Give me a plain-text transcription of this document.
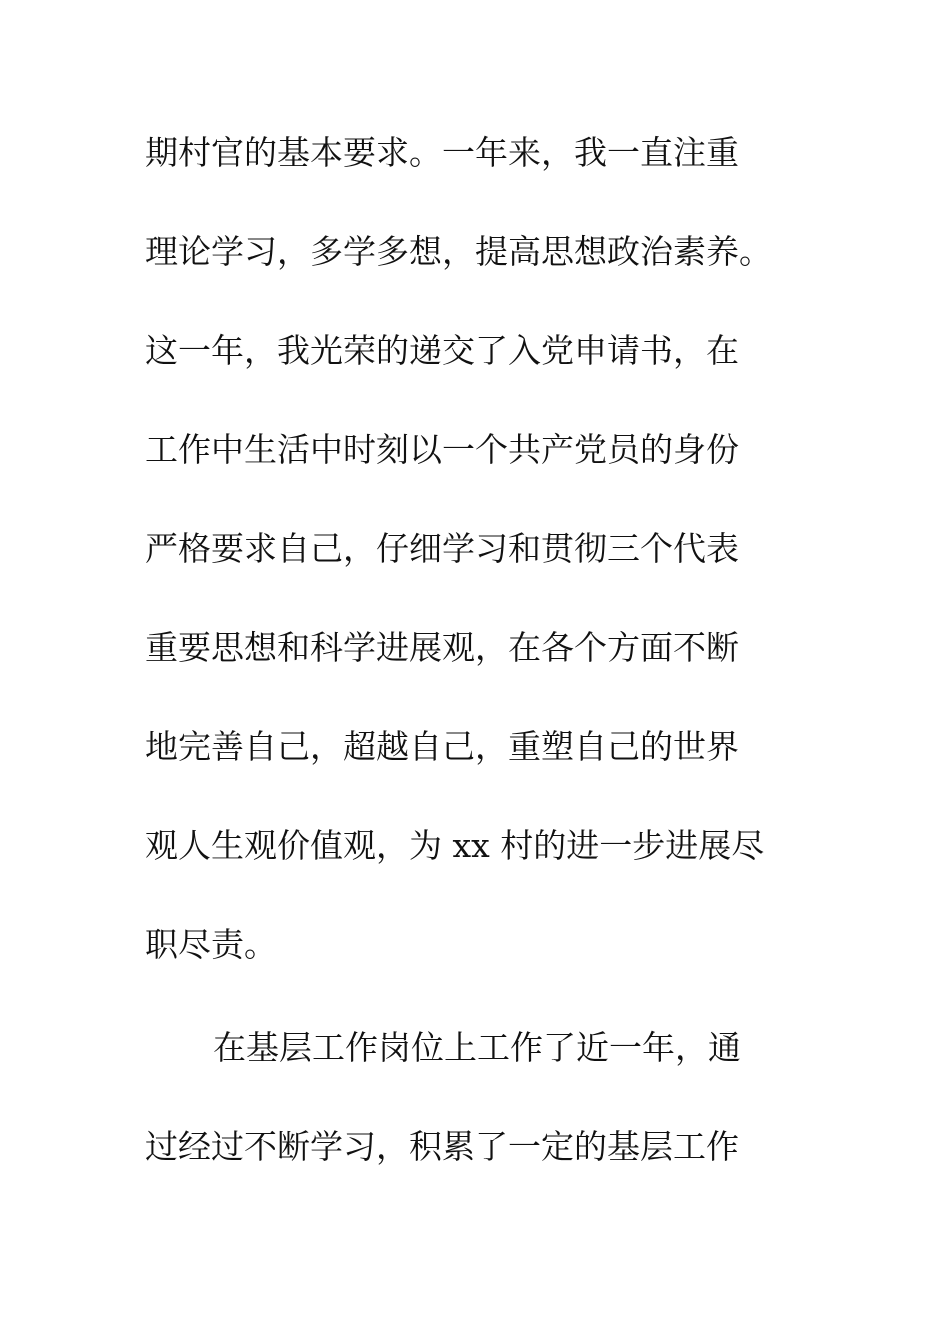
期村官的基本要求。一年来，我一直注重
理论学习，多学多想，提高思想政治素养。
这一年，我光荣的递交了入党申请书，在
工作中生活中时刻以一个共产党员的身份
严格要求自己，仔细学习和贯彻三个代表
重要思想和科学进展观，在各个方面不断
地完善自己，超越自己，重塑自己的世界
观人生观价值观，为 xx 村的进一步进展尽
职尽责。
在基层工作岗位上工作了近一年，通
过经过不断学习，积累了一定的基层工作
